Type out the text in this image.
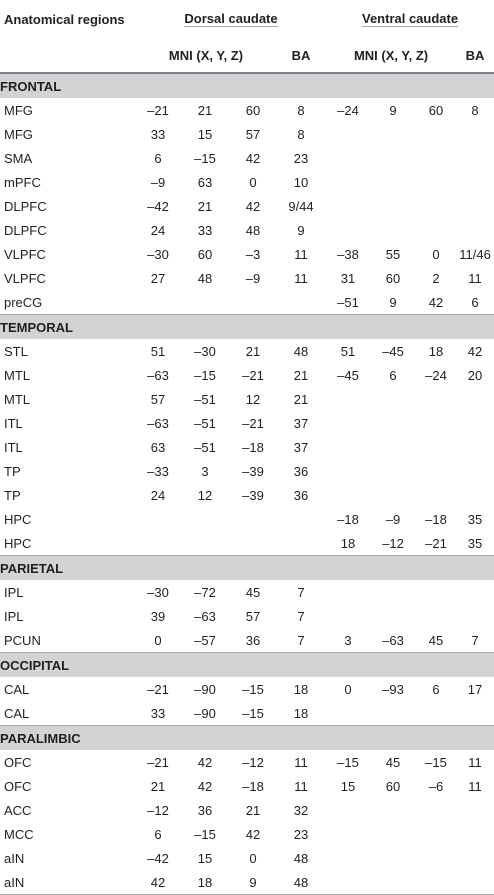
Anatomical regions	Dorsal caudate				Ventral caudate			
	MNI (X, Y, Z)			BA	MNI (X, Y, Z)			BA
FRONTAL								
MFG	–21	21	60	8	–24	9	60	8
MFG	33	15	57	8				
SMA	6	–15	42	23				
mPFC	–9	63	0	10				
DLPFC	–42	21	42	9/44				
DLPFC	24	33	48	9				
VLPFC	–30	60	–3	11	–38	55	0	11/46
VLPFC	27	48	–9	11	31	60	2	11
preCG					–51	9	42	6
TEMPORAL								
STL	51	–30	21	48	51	–45	18	42
MTL	–63	–15	–21	21	–45	6	–24	20
MTL	57	–51	12	21				
ITL	–63	–51	–21	37				
ITL	63	–51	–18	37				
TP	–33	3	–39	36				
TP	24	12	–39	36				
HPC					–18	–9	–18	35
HPC					18	–12	–21	35
PARIETAL								
IPL	–30	–72	45	7				
IPL	39	–63	57	7				
PCUN	0	–57	36	7	3	–63	45	7
OCCIPITAL								
CAL	–21	–90	–15	18	0	–93	6	17
CAL	33	–90	–15	18				
PARALIMBIC								
OFC	–21	42	–12	11	–15	45	–15	11
OFC	21	42	–18	11	15	60	–6	11
ACC	–12	36	21	32				
MCC	6	–15	42	23				
aIN	–42	15	0	48				
aIN	42	18	9	48				
